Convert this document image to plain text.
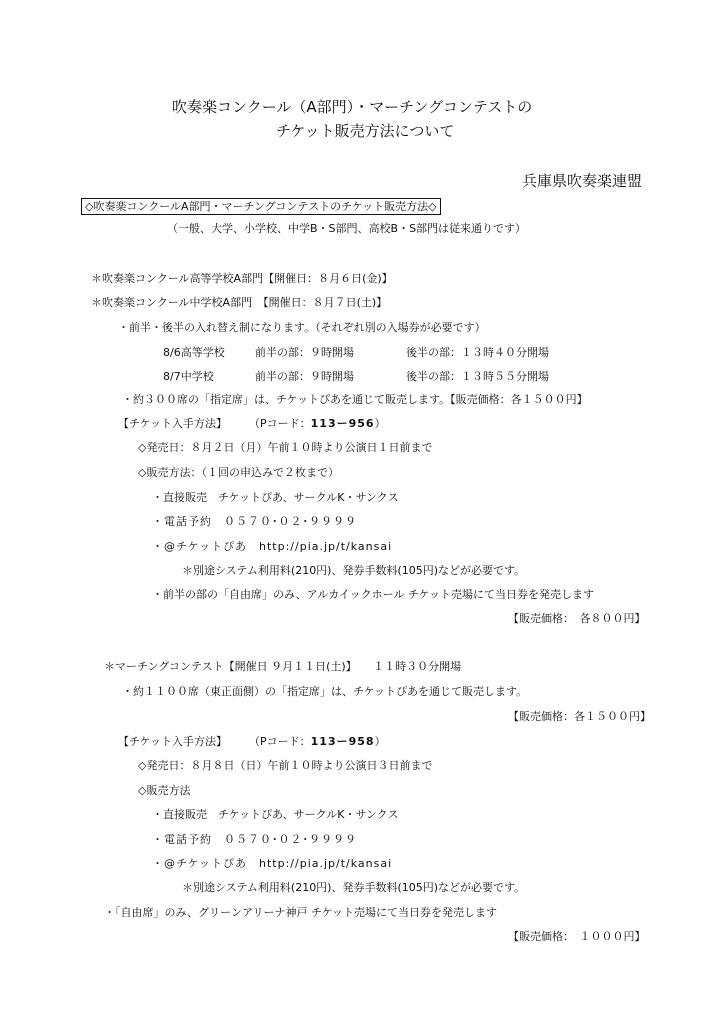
吹奏楽コンクール（A部門）・マーチングコンテストの
チケット販売方法について
兵庫県吹奏楽連盟
◇吹奏楽コンクールA部門・マーチングコンテストのチケット販売方法◇
（一般、大学、小学校、中学B・S部門、高校B・S部門は従来通りです）
＊吹奏楽コンクール高等学校A部門【開催日：８月６日(金)】
＊吹奏楽コンクール中学校A部門　【開催日：８月７日(土)】
・前半・後半の入れ替え制になります。（それぞれ別の入場券が必要です）
8/6高等学校	前半の部：９時開場	後半の部：１３時４０分開場
8/7中学校	前半の部：９時開場	後半の部：１３時５５分開場
・約３００席の「指定席」は、チケットぴあを通じて販売します。【販売価格：各１５００円】
【チケット入手方法】 （Pコード：113ー956）
◇発売日：８月２日（月）午前１０時より公演日１日前まで
◇販売方法：（１回の申込みで２枚まで）
・直接販売　チケットぴあ、サークルK・サンクス
・電話予約　０５７０･０２･９９９９
・@チケットぴあ　http://pia.jp/t/kansai
＊別途システム利用料(210円)、発券手数料(105円)などが必要です。
・前半の部の「自由席」のみ、アルカイックホール チケット売場にて当日券を発売します
【販売価格：　各８００円】
＊マーチングコンテスト【開催日 ９月１１日(土)】　　１１時３０分開場
・約１１００席（東正面側）の「指定席」は、チケットぴあを通じて販売します。
【販売価格：各１５００円】
【チケット入手方法】 （Pコード：113ー958）
◇発売日：８月８日（日）午前１０時より公演日３日前まで
◇販売方法
・直接販売　チケットぴあ、サークルK・サンクス
・電話予約　０５７０･０２･９９９９
・@チケットぴあ　http://pia.jp/t/kansai
＊別途システム利用料(210円)、発券手数料(105円)などが必要です。
・「自由席」のみ、グリーンアリーナ神戸 チケット売場にて当日券を発売します
【販売価格：　１０００円】
